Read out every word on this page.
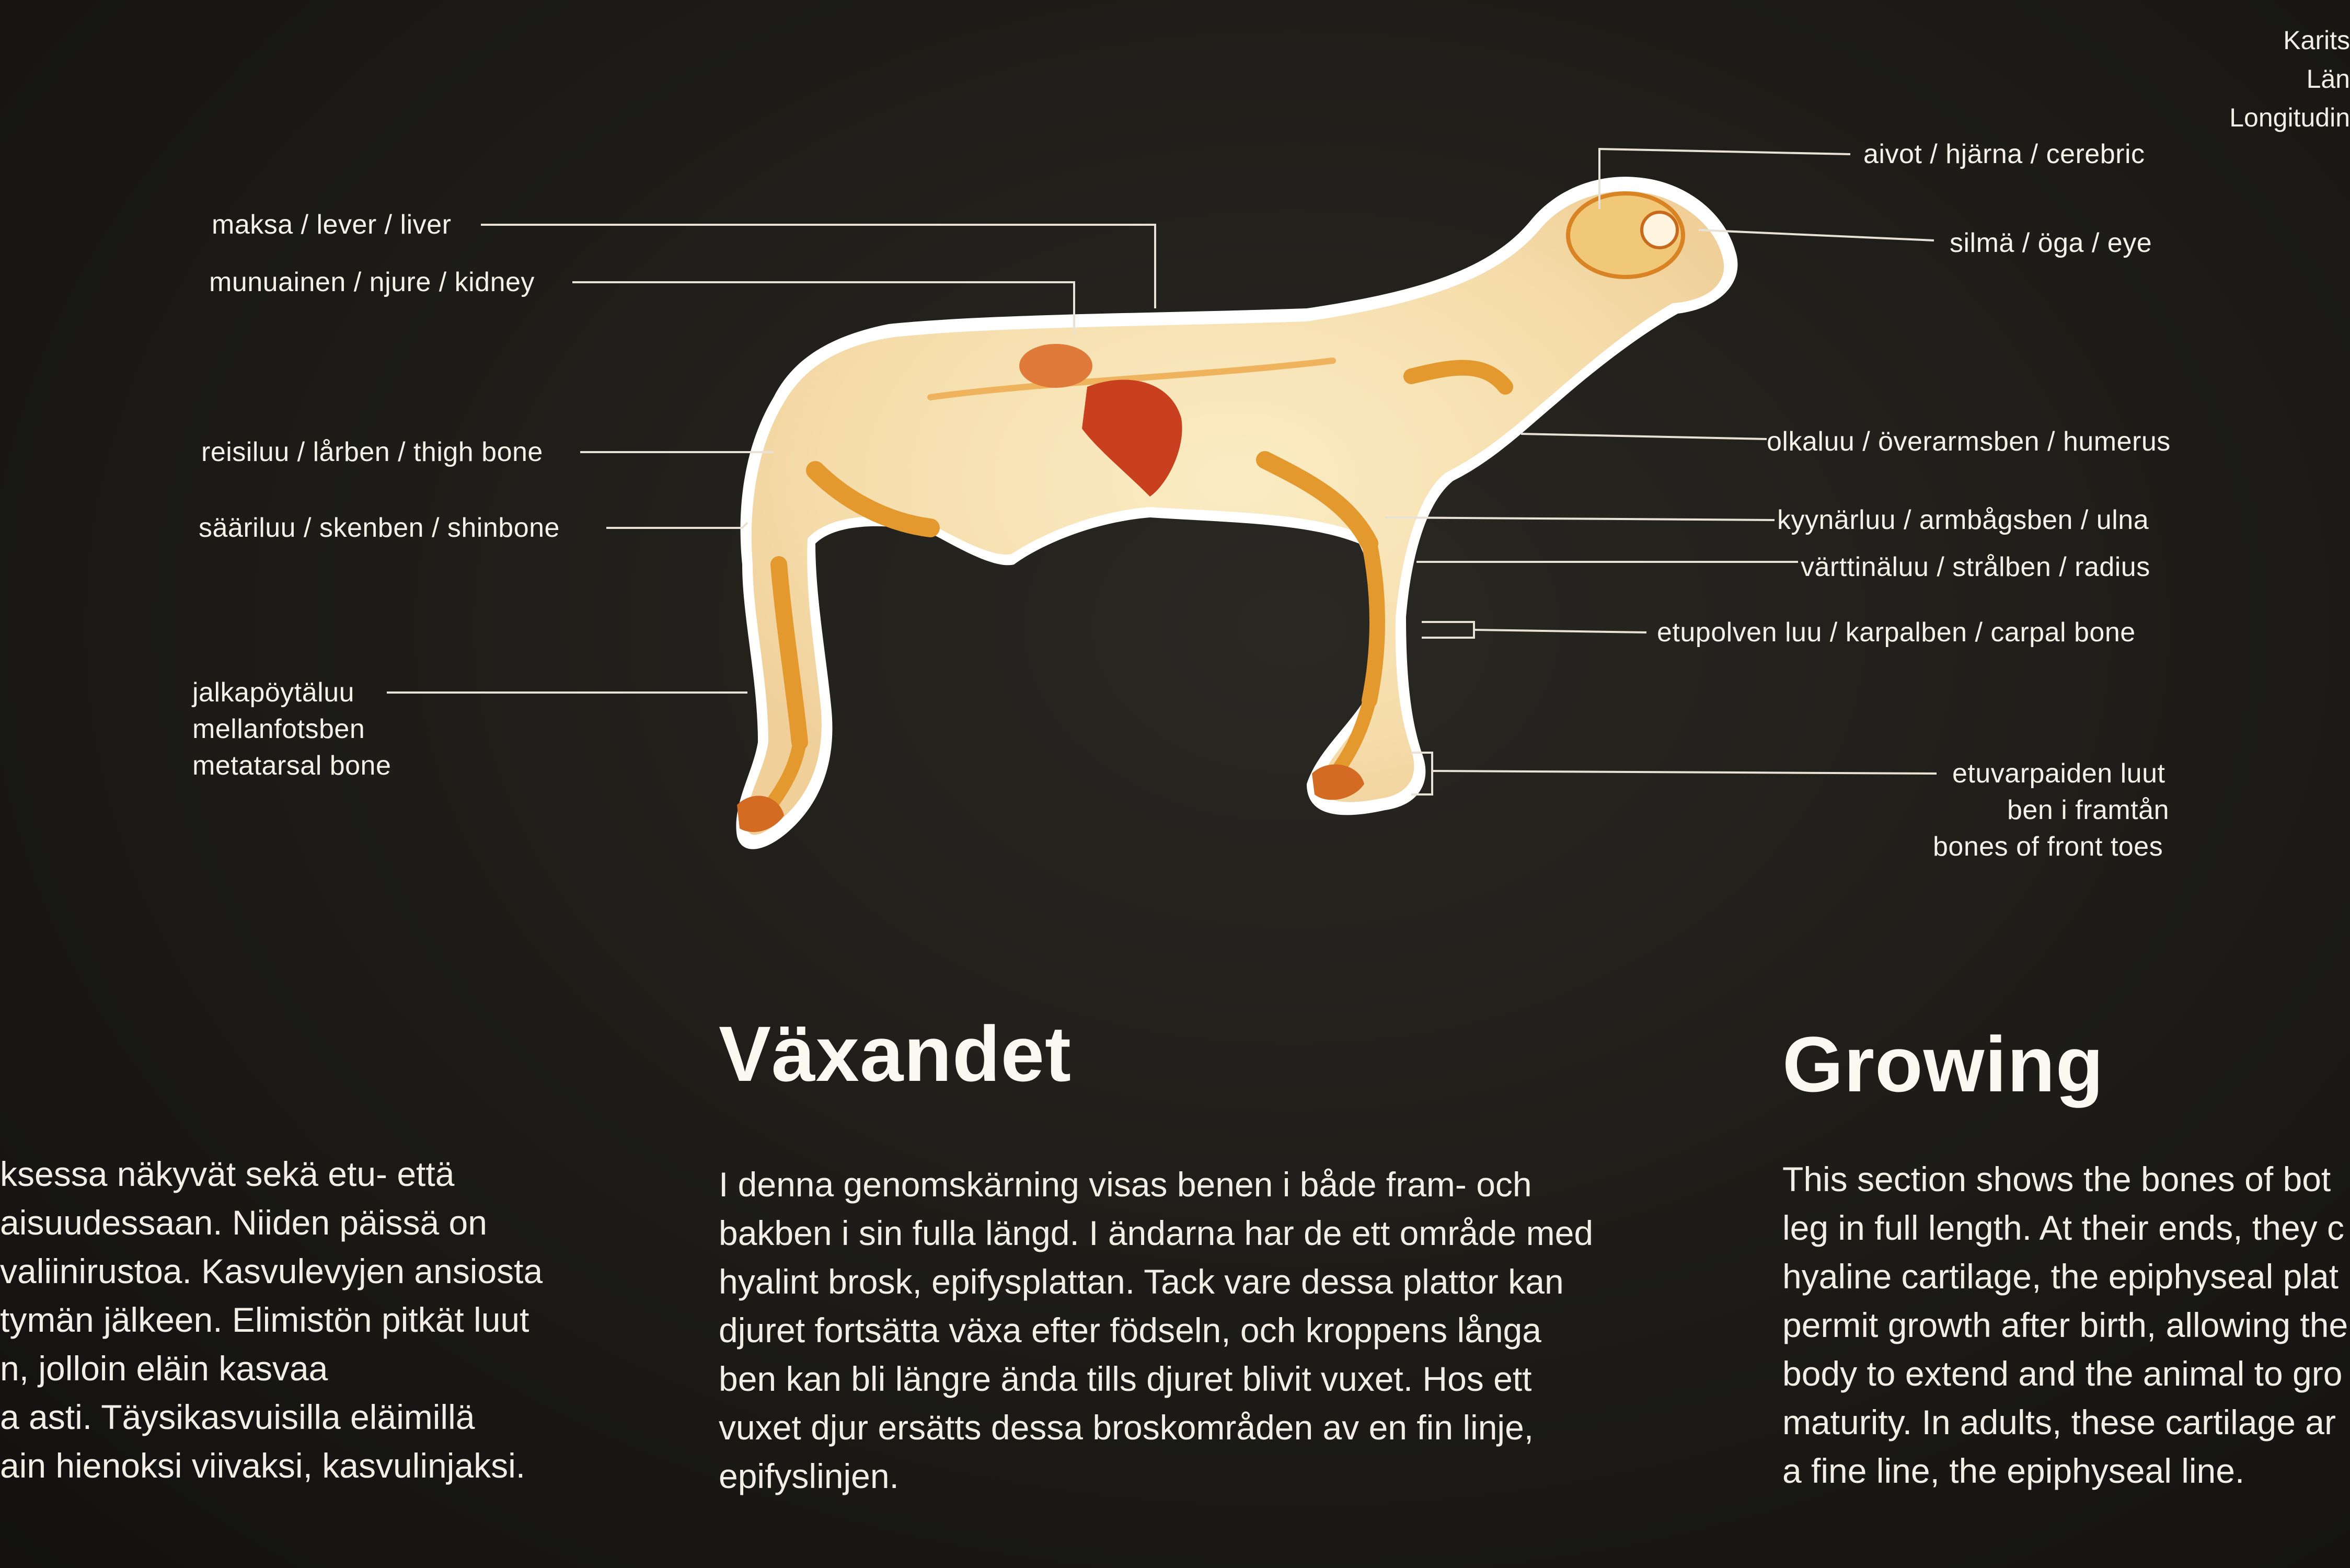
Karits
Län
Longitudin
maksa / lever / liver
munuainen / njure / kidney
reisiluu / lårben / thigh bone
sääriluu / skenben / shinbone
jalkapöytäluu
mellanfotsben
metatarsal bone
aivot / hjärna / cerebric
silmä / öga / eye
olkaluu / överarmsben / humerus
kyynärluu / armbågsben / ulna
värttinäluu / strålben / radius
etupolven luu / karpalben / carpal bone
etuvarpaiden luut
ben i framtån
bones of front toes
ksessa näkyvät sekä etu- että
aisuudessaan. Niiden päissä on
valiinirustoa. Kasvulevyjen ansiosta
tymän jälkeen. Elimistön pitkät luut
n, jolloin eläin kasvaa
a asti. Täysikasvuisilla eläimillä
ain hienoksi viivaksi, kasvulinjaksi.
Växandet
I denna genomskärning visas benen i både fram- och
bakben i sin fulla längd. I ändarna har de ett område med
hyalint brosk, epifysplattan. Tack vare dessa plattor kan
djuret fortsätta växa efter födseln, och kroppens långa
ben kan bli längre ända tills djuret blivit vuxet. Hos ett
vuxet djur ersätts dessa broskområden av en fin linje,
epifyslinjen.
Growing
This section shows the bones of bot
leg in full length. At their ends, they c
hyaline cartilage, the epiphyseal plat
permit growth after birth, allowing the
body to extend and the animal to gro
maturity. In adults, these cartilage ar
a fine line, the epiphyseal line.
